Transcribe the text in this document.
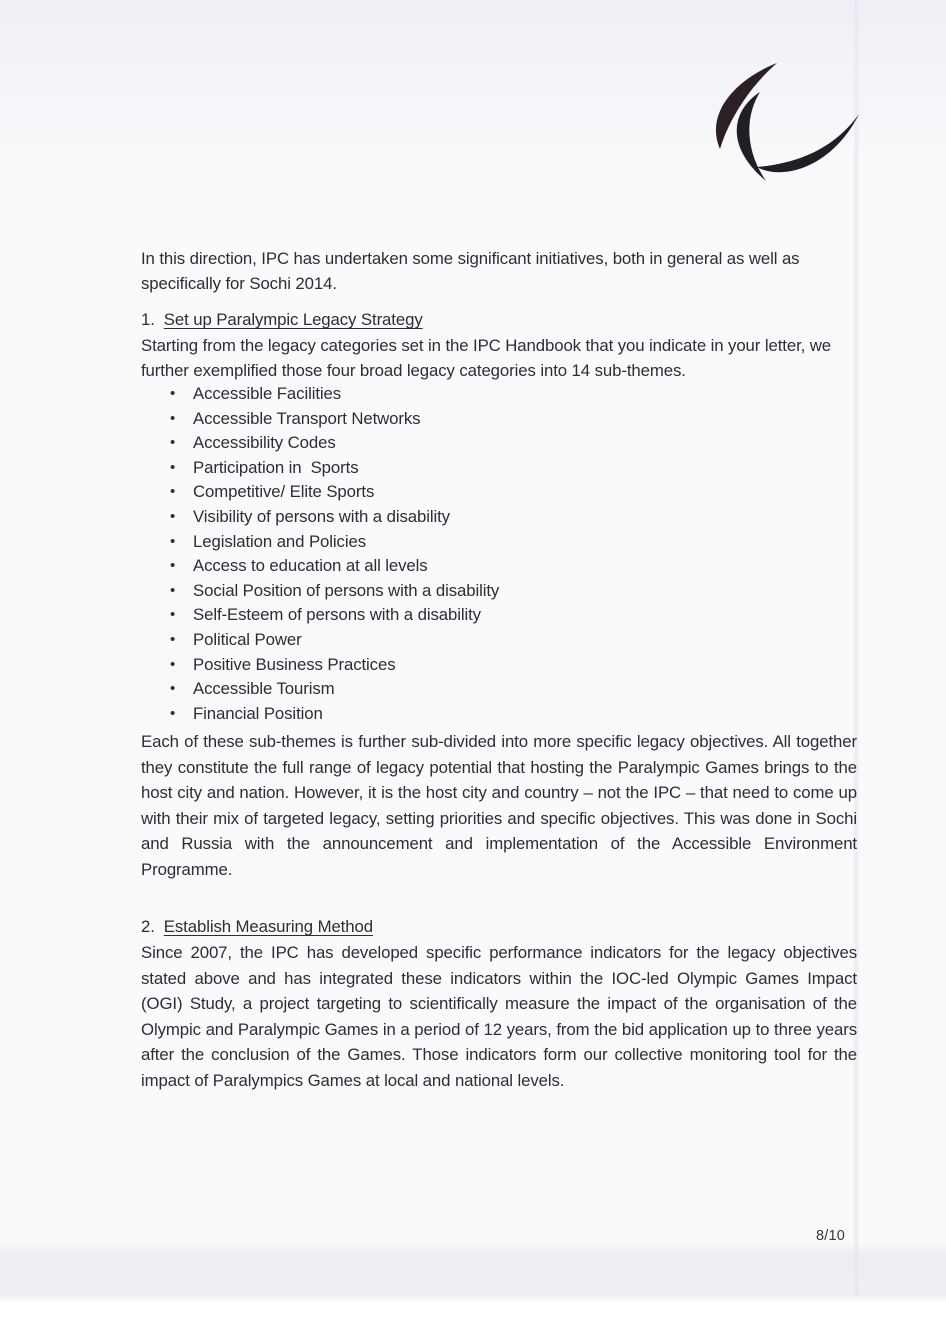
In this direction, IPC has undertaken some significant initiatives, both in general as well as specifically for Sochi 2014.

1. Set up Paralympic Legacy Strategy

Starting from the legacy categories set in the IPC Handbook that you indicate in your letter, we further exemplified those four broad legacy categories into 14 sub-themes.

• Accessible Facilities
• Accessible Transport Networks
• Accessibility Codes
• Participation in  Sports
• Competitive/ Elite Sports
• Visibility of persons with a disability
• Legislation and Policies
• Access to education at all levels
• Social Position of persons with a disability
• Self-Esteem of persons with a disability
• Political Power
• Positive Business Practices
• Accessible Tourism
• Financial Position

Each of these sub-themes is further sub-divided into more specific legacy objectives. All together they constitute the full range of legacy potential that hosting the Paralympic Games brings to the host city and nation. However, it is the host city and country – not the IPC – that need to come up with their mix of targeted legacy, setting priorities and specific objectives. This was done in Sochi and Russia with the announcement and implementation of the Accessible Environment Programme.

2. Establish Measuring Method

Since 2007, the IPC has developed specific performance indicators for the legacy objectives stated above and has integrated these indicators within the IOC-led Olympic Games Impact (OGI) Study, a project targeting to scientifically measure the impact of the organisation of the Olympic and Paralympic Games in a period of 12 years, from the bid application up to three years after the conclusion of the Games. Those indicators form our collective monitoring tool for the impact of Paralympics Games at local and national levels.

8/10
